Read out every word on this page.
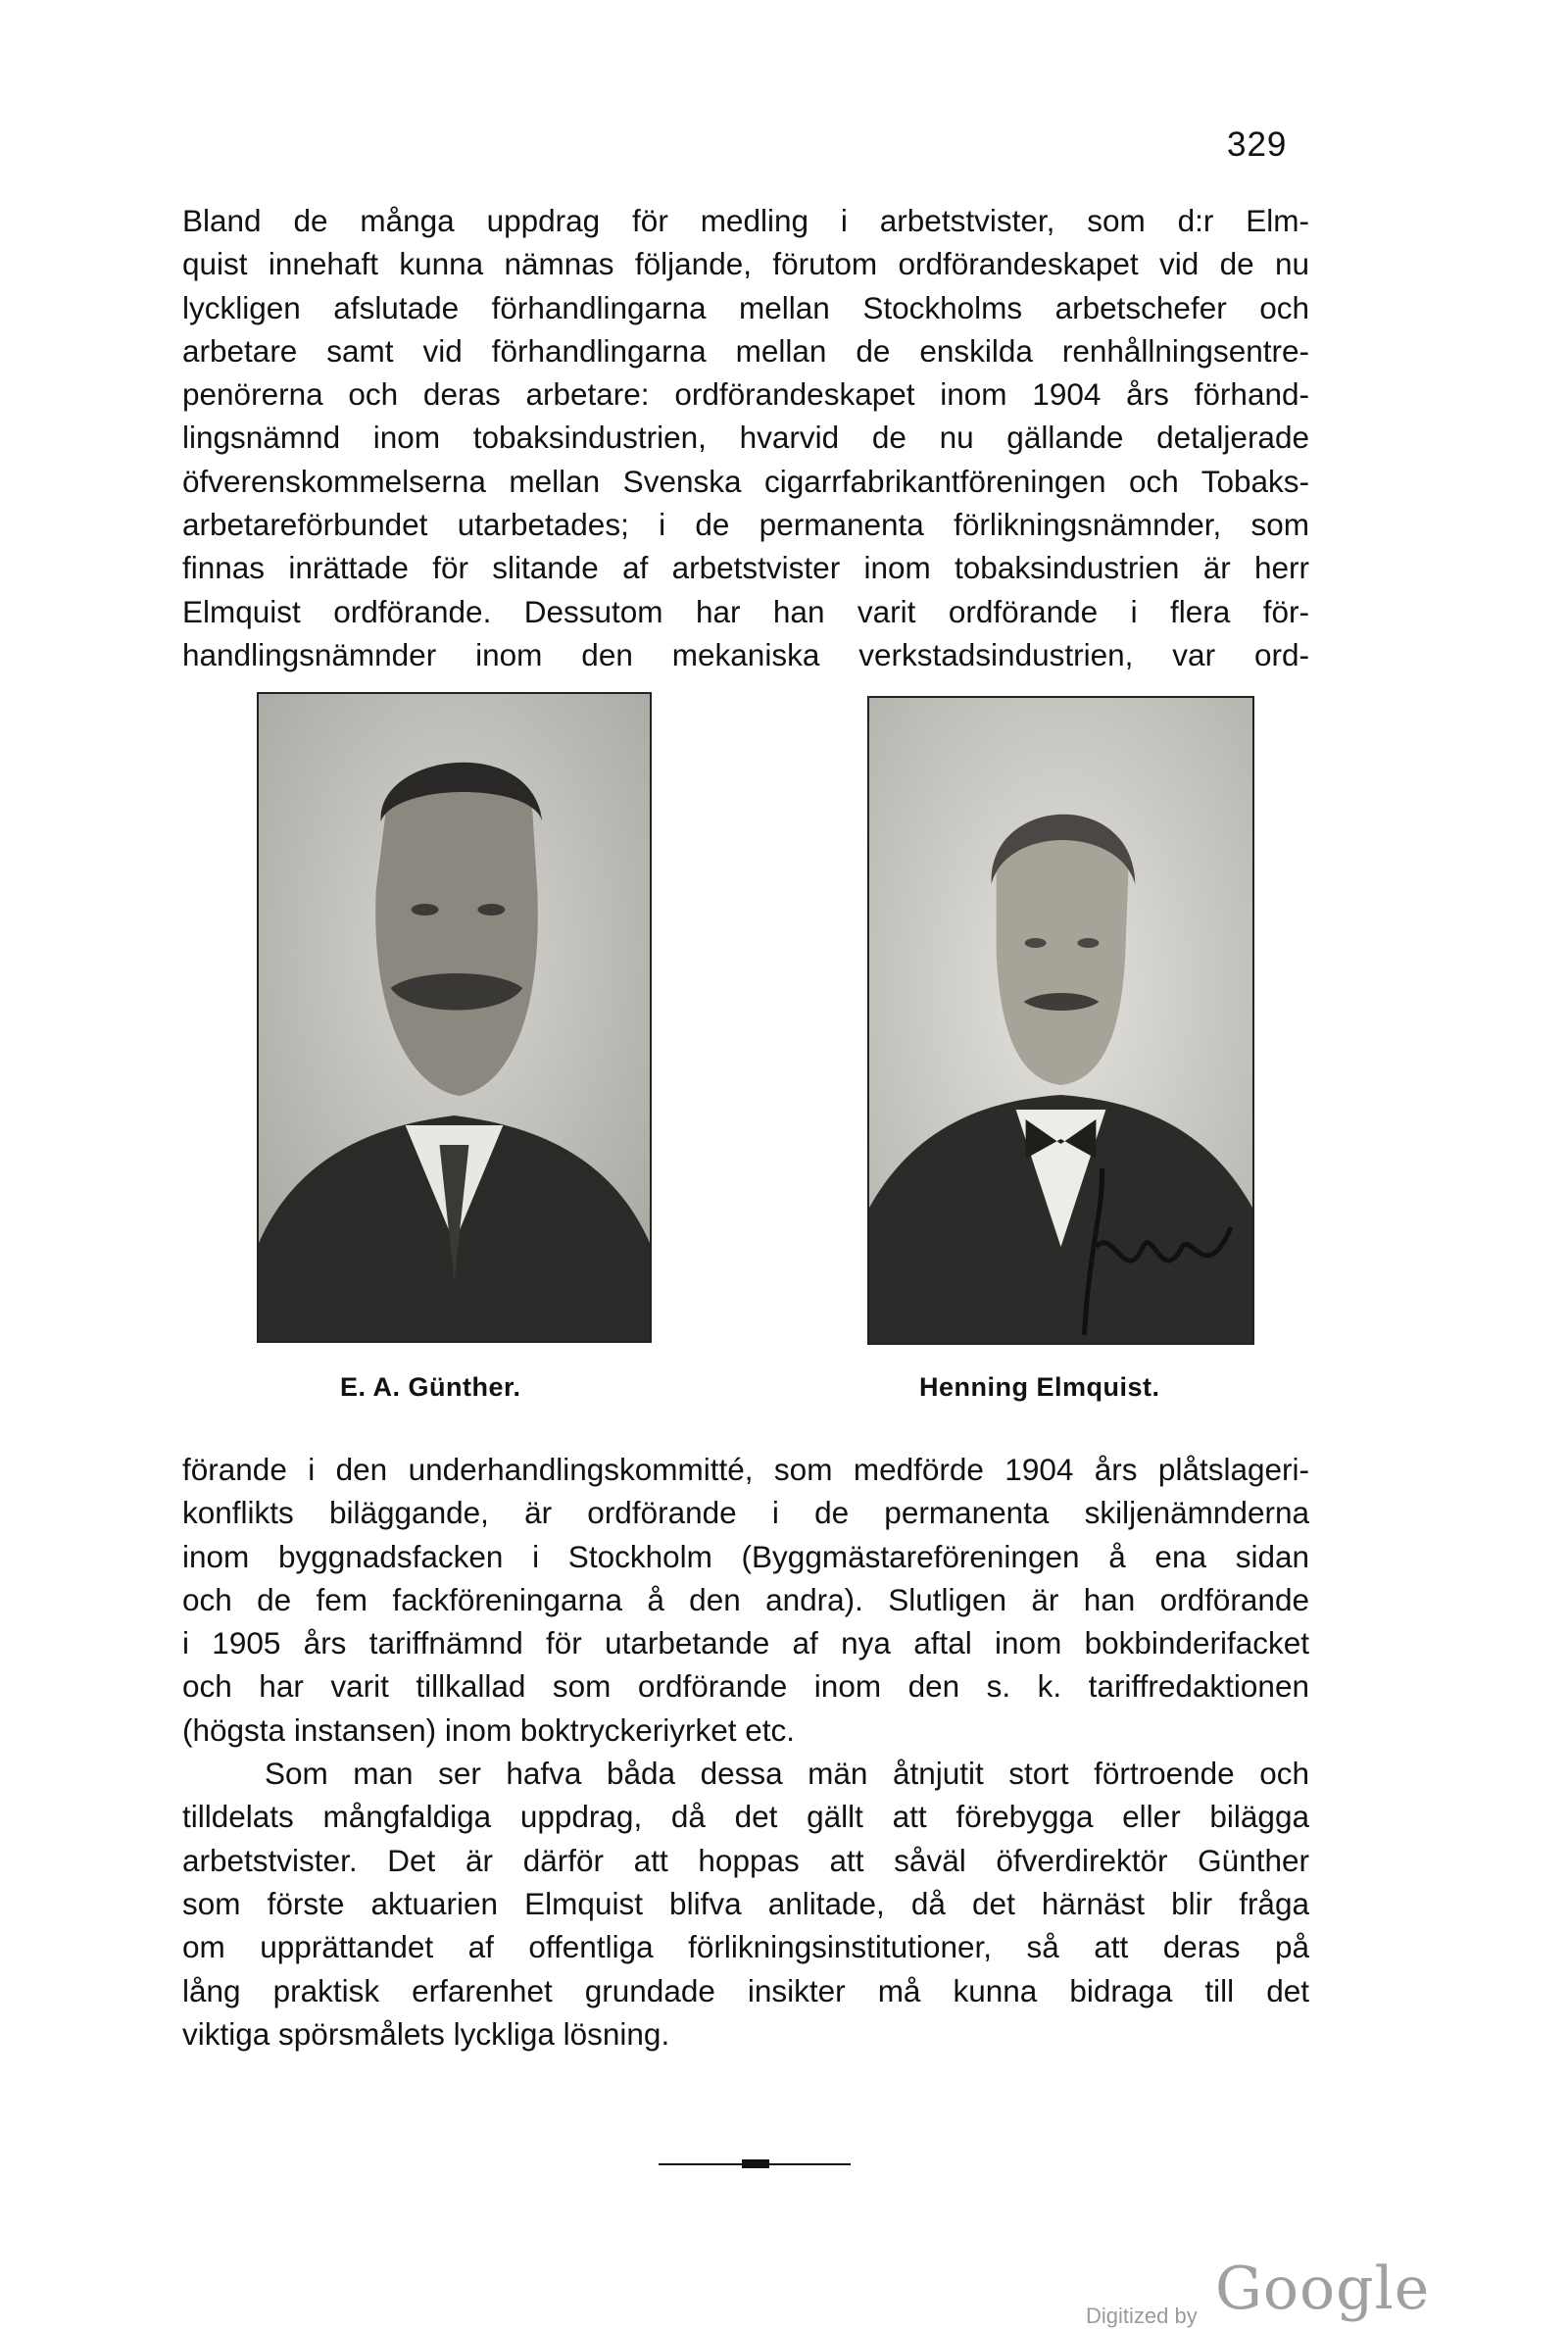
329

Bland de många uppdrag för medling i arbetstvister, som d:r Elm-

quist innehaft kunna nämnas följande, förutom ordförandeskapet vid de nu

lyckligen afslutade förhandlingarna mellan Stockholms arbetschefer och

arbetare samt vid förhandlingarna mellan de enskilda renhållningsentre-

penörerna och deras arbetare: ordförandeskapet inom 1904 års förhand-

lingsnämnd inom tobaksindustrien, hvarvid de nu gällande detaljerade

öfverenskommelserna mellan Svenska cigarrfabrikantföreningen och Tobaks-

arbetareförbundet utarbetades; i de permanenta förlikningsnämnder, som

finnas inrättade för slitande af arbetstvister inom tobaksindustrien är herr

Elmquist ordförande. Dessutom har han varit ordförande i flera för-

handlingsnämnder inom den mekaniska verkstadsindustrien, var ord-

E. A. Günther.	Henning Elmquist.

förande i den underhandlingskommitté, som medförde 1904 års plåtslageri-

konflikts biläggande, är ordförande i de permanenta skiljenämnderna

inom byggnadsfacken i Stockholm (Byggmästareföreningen å ena sidan

och de fem fackföreningarna å den andra). Slutligen är han ordförande

i 1905 års tariffnämnd för utarbetande af nya aftal inom bokbinderifacket

och har varit tillkallad som ordförande inom den s. k. tariffredaktionen

(högsta instansen) inom boktryckeriyrket etc.

Som man ser hafva båda dessa män åtnjutit stort förtroende och

tilldelats mångfaldiga uppdrag, då det gällt att förebygga eller bilägga

arbetstvister. Det är därför att hoppas att såväl öfverdirektör Günther

som förste aktuarien Elmquist blifva anlitade, då det härnäst blir fråga

om upprättandet af offentliga förlikningsinstitutioner, så att deras på

lång praktisk erfarenhet grundade insikter må kunna bidraga till det

viktiga spörsmålets lyckliga lösning.

Digitized by Google
